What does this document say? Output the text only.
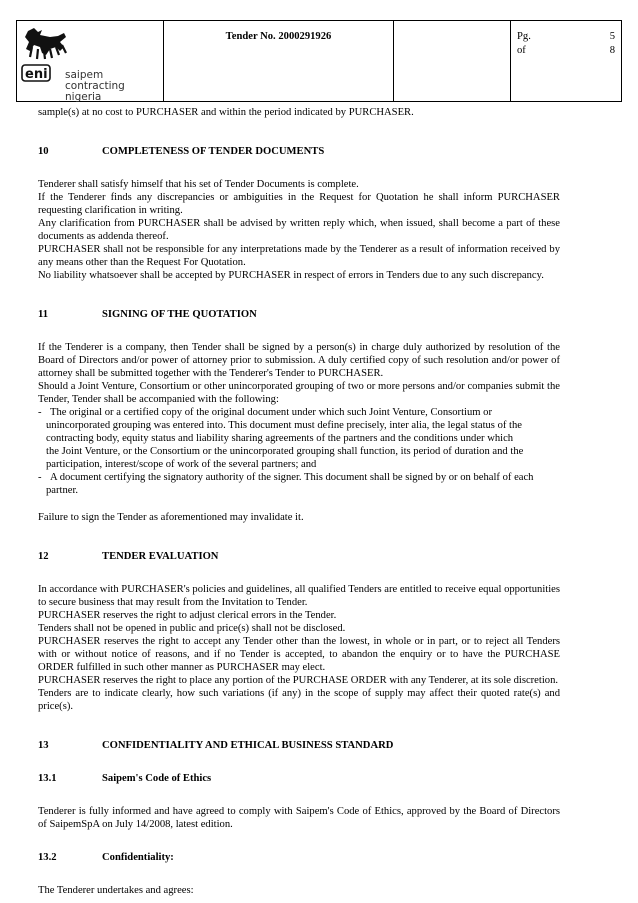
eni saipem contracting
nigeria
Tender No. 2000291926	Pg.	5
of	8

sample(s) at no cost to PURCHASER and within the period indicated by PURCHASER.

10	COMPLETENESS OF TENDER DOCUMENTS

Tenderer shall satisfy himself that his set of Tender Documents is complete.

If the Tenderer finds any discrepancies or ambiguities in the Request for Quotation he shall inform PURCHASER requesting clarification in writing.

Any clarification from PURCHASER shall be advised by written reply which, when issued, shall become a part of these documents as addenda thereof.

PURCHASER shall not be responsible for any interpretations made by the Tenderer as a result of information received by any means other than the Request For Quotation.

No liability whatsoever shall be accepted by PURCHASER in respect of errors in Tenders due to any such discrepancy.

11	SIGNING OF THE QUOTATION

If the Tenderer is a company, then Tender shall be signed by a person(s) in charge duly authorized by resolution of the Board of Directors and/or power of attorney prior to submission. A duly certified copy of such resolution and/or power of attorney shall be submitted together with the Tenderer's Tender to PURCHASER.

Should a Joint Venture, Consortium or other unincorporated grouping of two or more persons and/or companies submit the Tender, Tender shall be accompanied with the following:

- The original or a certified copy of the original document under which such Joint Venture, Consortium or
unincorporated grouping was entered into. This document must define precisely, inter alia, the legal status of the
contracting body, equity status and liability sharing agreements of the partners and the conditions under which
the Joint Venture, or the Consortium or the unincorporated grouping shall function, its period of duration and the
participation, interest/scope of work of the several partners; and
- A document certifying the signatory authority of the signer. This document shall be signed by or on behalf of each
partner.

Failure to sign the Tender as aforementioned may invalidate it.

12	TENDER EVALUATION

In accordance with PURCHASER's policies and guidelines, all qualified Tenders are entitled to receive equal opportunities to secure business that may result from the Invitation to Tender.

PURCHASER reserves the right to adjust clerical errors in the Tender.

Tenders shall not be opened in public and price(s) shall not be disclosed.

PURCHASER reserves the right to accept any Tender other than the lowest, in whole or in part, or to reject all Tenders with or without notice of reasons, and if no Tender is accepted, to abandon the enquiry or to have the PURCHASE ORDER fulfilled in such other manner as PURCHASER may elect.

PURCHASER reserves the right to place any portion of the PURCHASE ORDER with any Tenderer, at its sole discretion.

Tenders are to indicate clearly, how such variations (if any) in the scope of supply may affect their quoted rate(s) and price(s).

13	CONFIDENTIALITY AND ETHICAL BUSINESS STANDARD
13.1	Saipem's Code of Ethics

Tenderer is fully informed and have agreed to comply with Saipem's Code of Ethics, approved by the Board of Directors of SaipemSpA on July 14/2008, latest edition.

13.2	Confidentiality:

The Tenderer undertakes and agrees:
